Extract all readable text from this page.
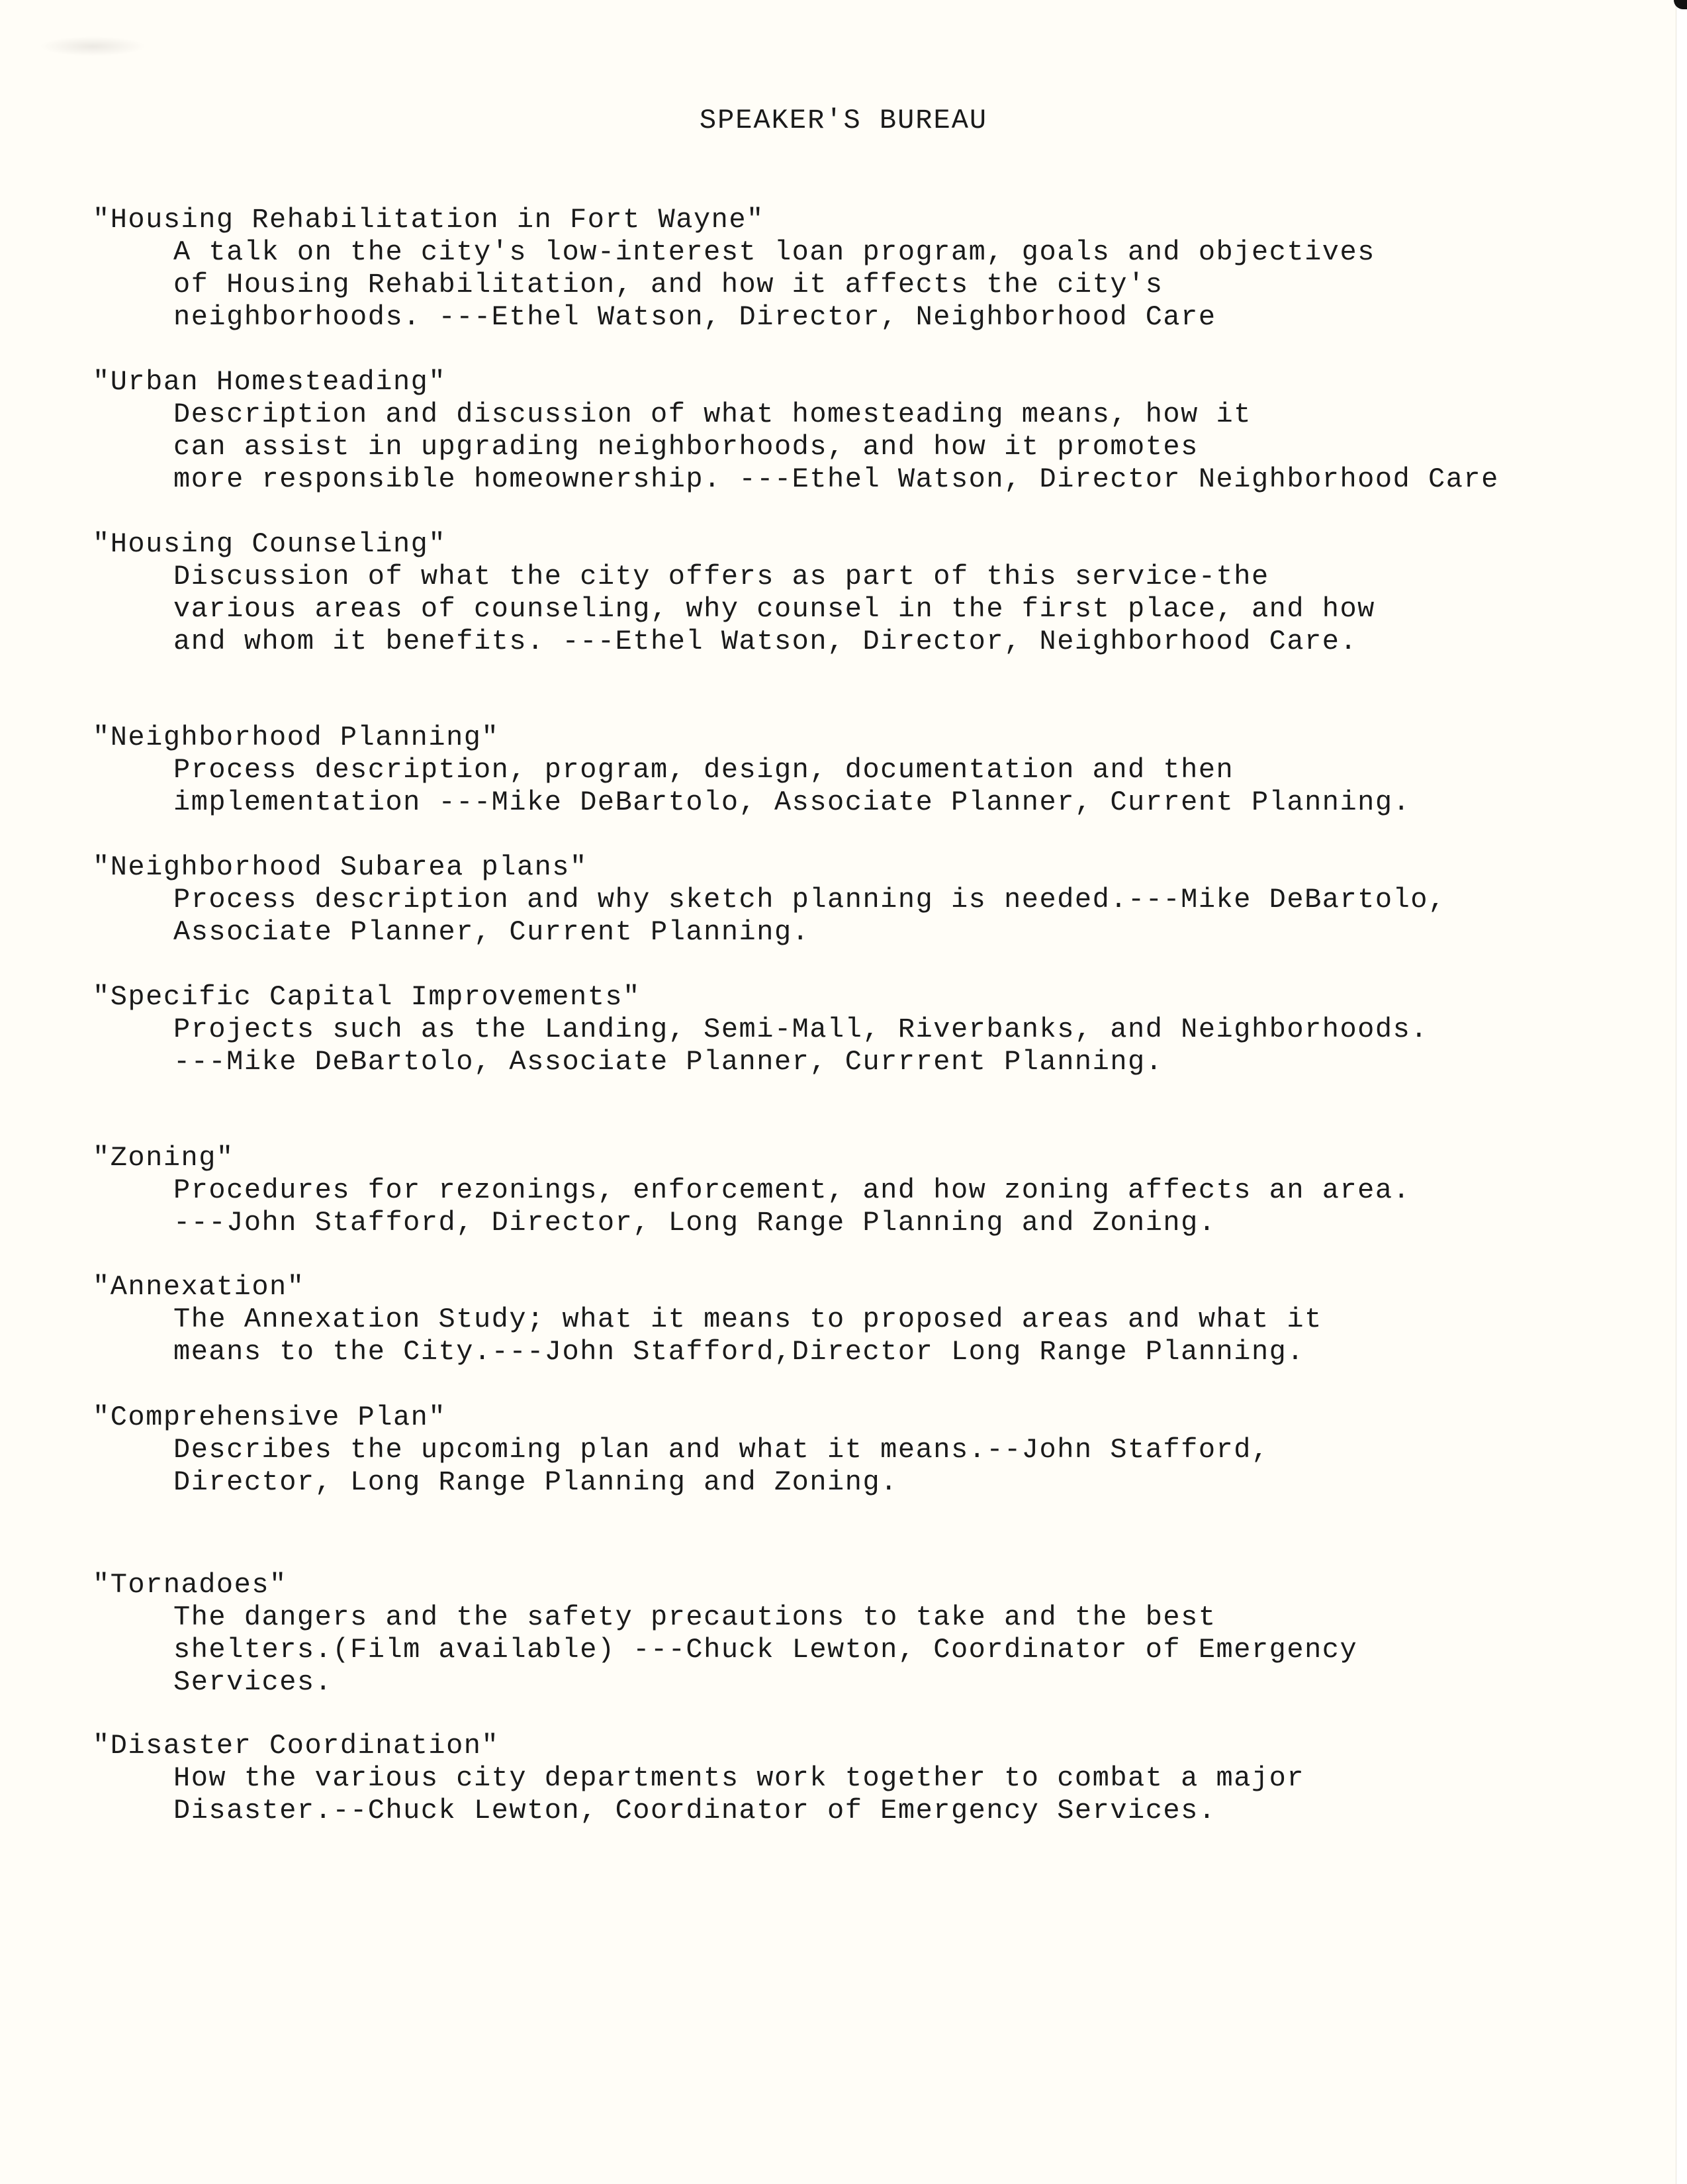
SPEAKER'S BUREAU
"Housing Rehabilitation in Fort Wayne"
A talk on the city's low-interest loan program, goals and objectives
of Housing Rehabilitation, and how it affects the city's
neighborhoods. ---Ethel Watson, Director, Neighborhood Care
"Urban Homesteading"
Description and discussion of what homesteading means, how it
can assist in upgrading neighborhoods, and how it promotes
more responsible homeownership. ---Ethel Watson, Director Neighborhood Care
"Housing Counseling"
Discussion of what the city offers as part of this service-the
various areas of counseling, why counsel in the first place, and how
and whom it benefits. ---Ethel Watson, Director, Neighborhood Care.
"Neighborhood Planning"
Process description, program, design, documentation and then
implementation ---Mike DeBartolo, Associate Planner, Current Planning.
"Neighborhood Subarea plans"
Process description and why sketch planning is needed.---Mike DeBartolo,
Associate Planner, Current Planning.
"Specific Capital Improvements"
Projects such as the Landing, Semi-Mall, Riverbanks, and Neighborhoods.
---Mike DeBartolo, Associate Planner, Currrent Planning.
"Zoning"
Procedures for rezonings, enforcement, and how zoning affects an area.
---John Stafford, Director, Long Range Planning and Zoning.
"Annexation"
The Annexation Study; what it means to proposed areas and what it
means to the City.---John Stafford,Director Long Range Planning.
"Comprehensive Plan"
Describes the upcoming plan and what it means.--John Stafford,
Director, Long Range Planning and Zoning.
"Tornadoes"
The dangers and the safety precautions to take and the best
shelters.(Film available) ---Chuck Lewton, Coordinator of Emergency
Services.
"Disaster Coordination"
How the various city departments work together to combat a major
Disaster.--Chuck Lewton, Coordinator of Emergency Services.
